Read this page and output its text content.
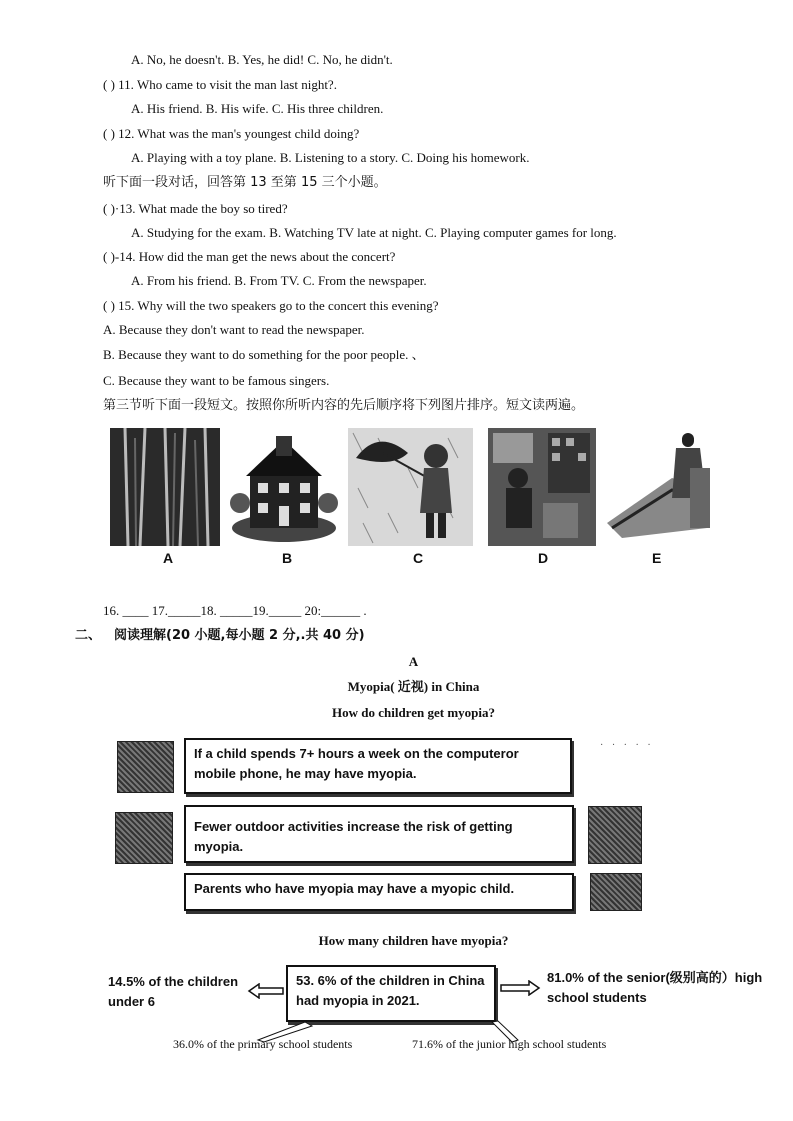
A. No, he doesn't. B. Yes, he did! C. No, he didn't.
( ) 11. Who came to visit the man last night?.
A. His friend. B. His wife. C. His three children.
( ) 12. What was the man's youngest child doing?
A. Playing with a toy plane. B. Listening to a story. C. Doing his homework.
听下面一段对话，回答第 13 至第 15 三个小题。
( )·13. What made the boy so tired?
A. Studying for the exam. B. Watching TV late at night. C. Playing computer games for long.
( )-14. How did the man get the news about the concert?
A. From his friend. B. From TV. C. From the newspaper.
( ) 15. Why will the two speakers go to the concert this evening?
A. Because they don't want to read the newspaper.
B. Because they want to do something for the poor people. 、
C. Because they want to be famous singers.
第三节听下面一段短文。按照你所听内容的先后顺序将下列图片排序。短文读两遍。
A	B	C	D	E
16. ____ 17._____18. _____19._____ 20:______ .
二、 阅读理解(20 小题,每小题 2 分,.共 40 分)
A
Myopia( 近视) in China
How do children get myopia?
If a child spends 7+ hours a week on the computeror mobile phone, he may have myopia.
· · · · ·
Fewer outdoor activities increase the risk of getting myopia.
Parents who have myopia may have a myopic child.
How many children have myopia?
14.5% of the children under 6
53. 6% of the children in China had myopia in 2021.
81.0% of the senior(级别高的）high school students
36.0% of the primary school students	71.6% of the junior high school students
